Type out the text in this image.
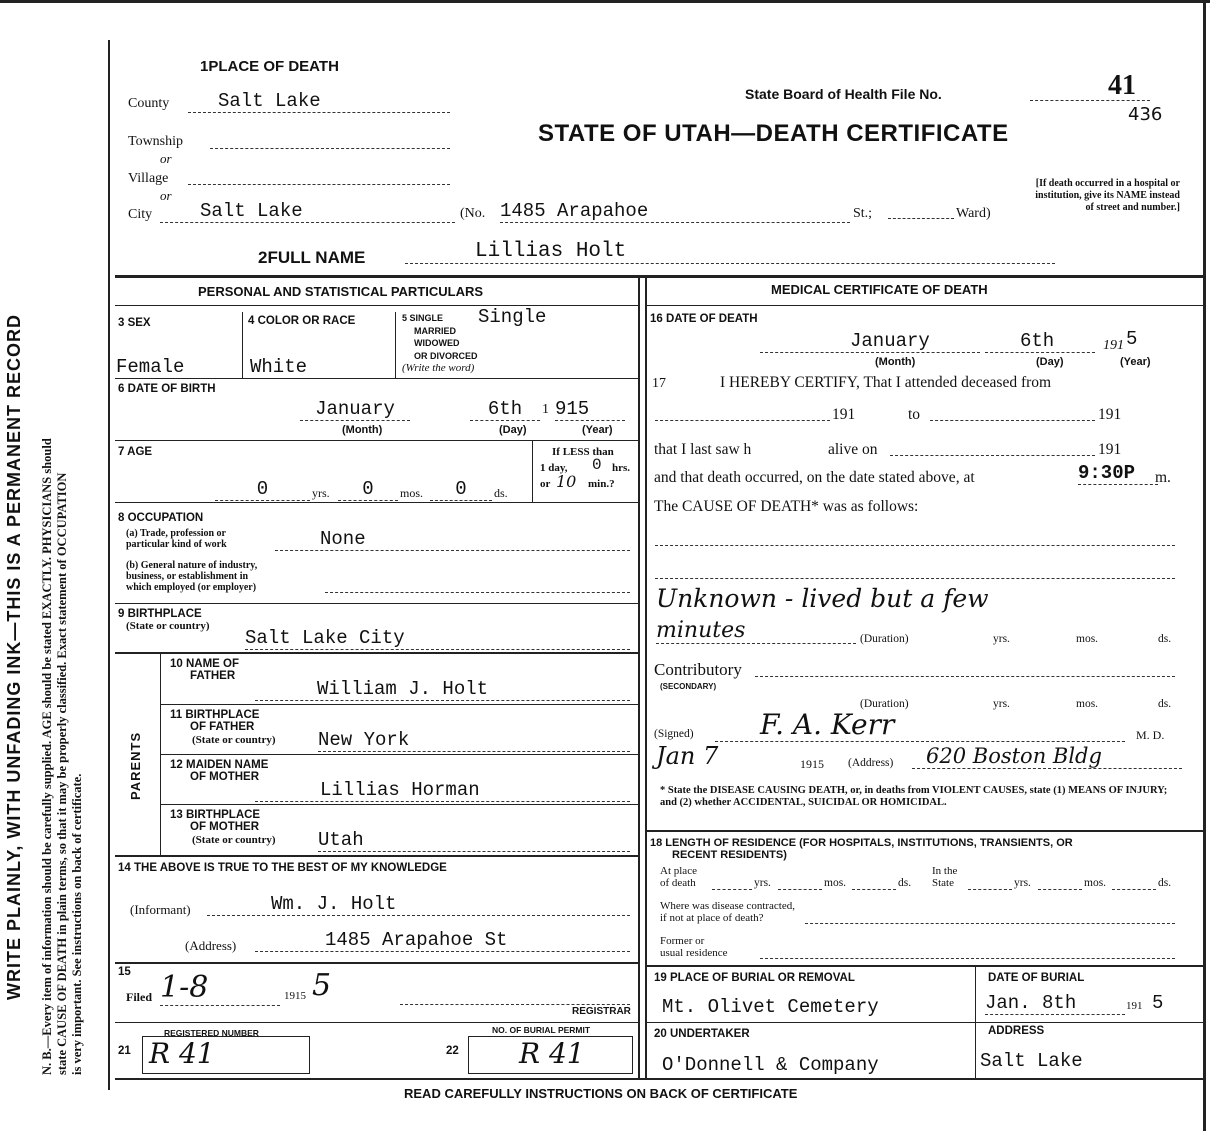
WRITE PLAINLY, WITH UNFADING INK—THIS IS A PERMANENT RECORD N. B.—Every item of information should be carefully supplied. AGE should be stated EXACTLY. PHYSICIANS should state CAUSE OF DEATH in plain terms, so that it may be properly classified. Exact statement of OCCUPATION is very important. See instructions on back of certificate.
1PLACE OF DEATH
County	Salt Lake
Township
or
Village
or
City	Salt Lake	(No. 1485 Arapahoe	St.;	Ward)
State Board of Health File No.	41
436
STATE OF UTAH—DEATH CERTIFICATE
[If death occurred in a hospital or institution, give its NAME instead of street and number.]
2FULL NAME	Lillias Holt
PERSONAL AND STATISTICAL PARTICULARS	MEDICAL CERTIFICATE OF DEATH
3 SEX
Female
4 COLOR OR RACE
White
5 SINGLE
MARRIED
WIDOWED
OR DIVORCED
(Write the word)
Single
6 DATE OF BIRTH
January	6th	1 915
(Month)	(Day)	(Year)
7 AGE
0	yrs.	0	mos.	0	ds.
If LESS than
1 day, 0 hrs.
or 10 min.?
8 OCCUPATION
(a) Trade, profession or
particular kind of work	None
(b) General nature of industry,
business, or establishment in
which employed (or employer)
9 BIRTHPLACE
(State or country)
Salt Lake City
PARENTS
10 NAME OF
FATHER
William J. Holt
11 BIRTHPLACE
OF FATHER
(State or country) New York
12 MAIDEN NAME
OF MOTHER
Lillias Horman
13 BIRTHPLACE
OF MOTHER
(State or country) Utah
14 THE ABOVE IS TRUE TO THE BEST OF MY KNOWLEDGE
(Informant)	Wm. J. Holt
(Address)	1485 Arapahoe St
15
Filed 1-8	1915 5
REGISTRAR
REGISTERED NUMBER
21 R 41
NO. OF BURIAL PERMIT
22	R 41
16 DATE OF DEATH
January	6th	191 5
(Month)	(Day)	(Year)
17	I HEREBY CERTIFY, That I attended deceased from
191	to	191
that I last saw h	alive on	191
and that death occurred, on the date stated above, at	9:30P	m.
The CAUSE OF DEATH* was as follows:
Unknown - lived but a few
minutes	(Duration)	yrs.	mos.	ds.
Contributory
(SECONDARY)
(Duration)	yrs.	mos.	ds.
(Signed)	F. A. Kerr	M. D.
Jan 7	1915 (Address)	620 Boston Bldg
* State the DISEASE CAUSING DEATH, or, in deaths from VIOLENT CAUSES, state (1) MEANS OF INJURY; and (2) whether ACCIDENTAL, SUICIDAL OR HOMICIDAL.
18 LENGTH OF RESIDENCE (FOR HOSPITALS, INSTITUTIONS, TRANSIENTS, OR
RECENT RESIDENTS)
At place
of death	yrs.	mos.	ds.
In the
State	yrs.	mos.	ds.
Where was disease contracted,
if not at place of death?
Former or
usual residence
19 PLACE OF BURIAL OR REMOVAL
Mt. Olivet Cemetery
DATE OF BURIAL
Jan. 8th	191 5
20 UNDERTAKER
O'Donnell & Company
ADDRESS
Salt Lake
READ CAREFULLY INSTRUCTIONS ON BACK OF CERTIFICATE
